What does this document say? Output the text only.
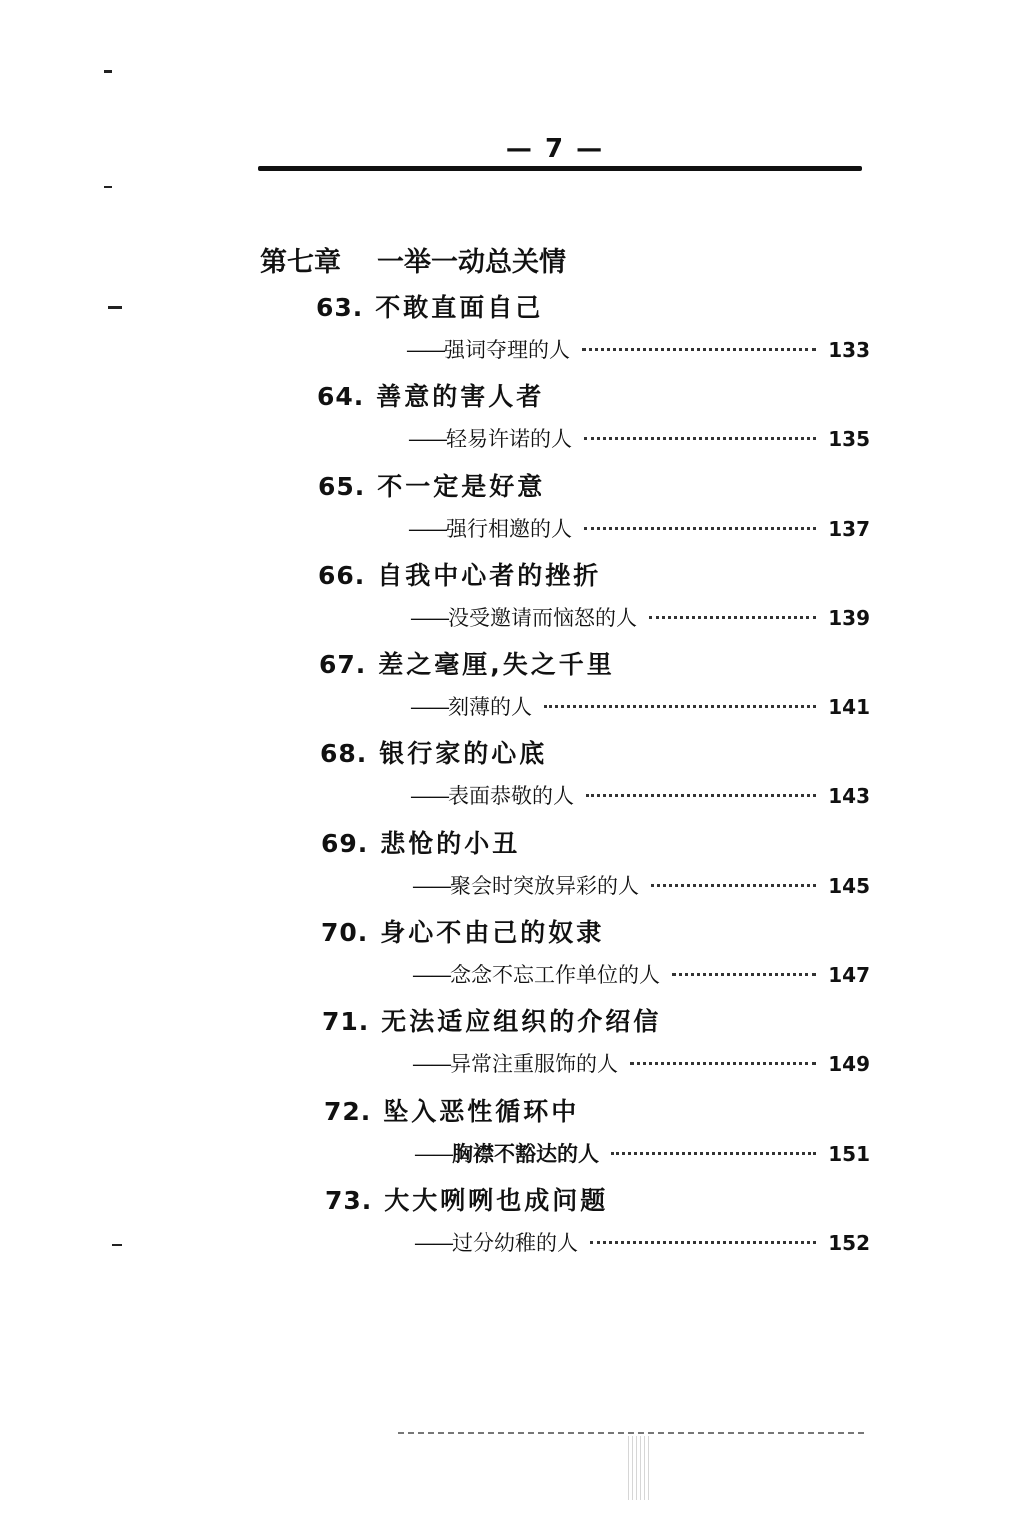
— 7 —
第七章 一举一动总关情
63. 不敢直面自己
—— 强词夺理的人	133
64. 善意的害人者
—— 轻易许诺的人	135
65. 不一定是好意
—— 强行相邀的人	137
66. 自我中心者的挫折
—— 没受邀请而恼怒的人	139
67. 差之毫厘,失之千里
—— 刻薄的人	141
68. 银行家的心底
—— 表面恭敬的人	143
69. 悲怆的小丑
—— 聚会时突放异彩的人	145
70. 身心不由己的奴隶
—— 念念不忘工作单位的人	147
71. 无法适应组织的介绍信
—— 异常注重服饰的人	149
72. 坠入恶性循环中
—— 胸襟不豁达的人	151
73. 大大咧咧也成问题
—— 过分幼稚的人	152
